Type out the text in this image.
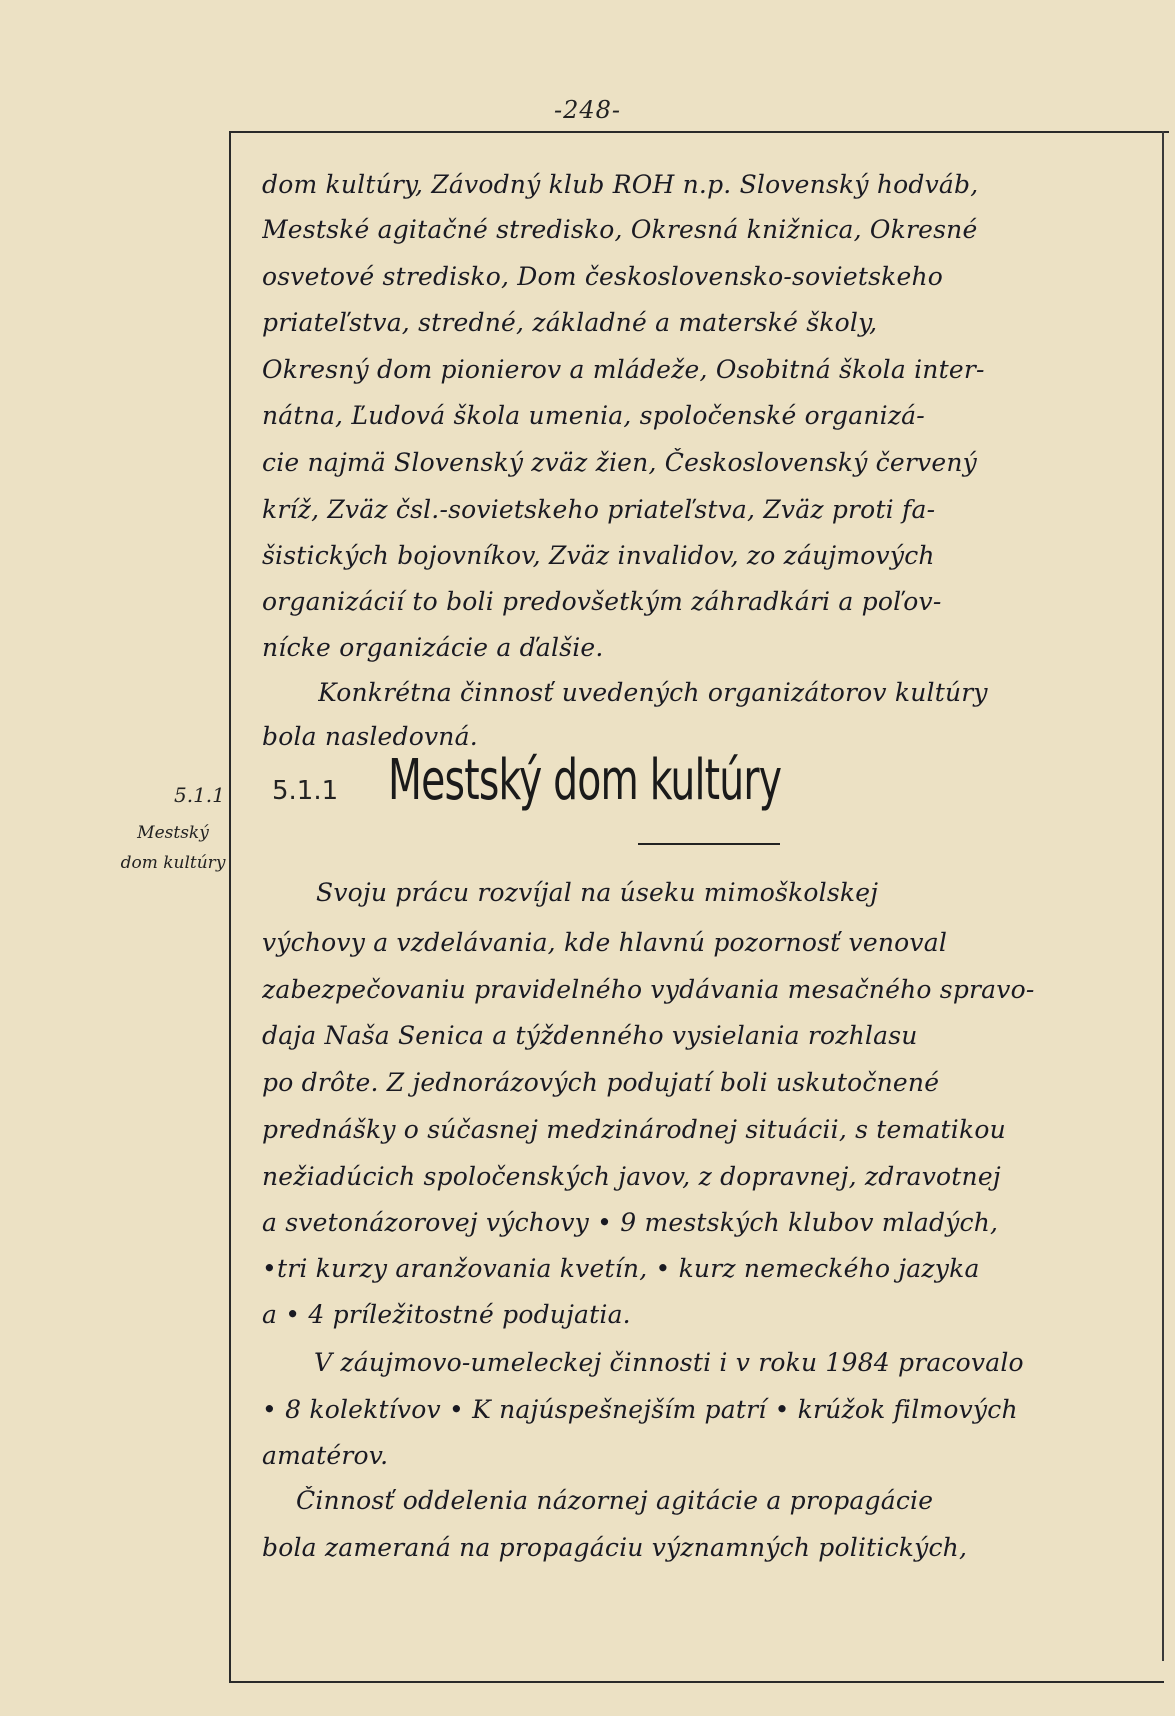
-248-
5.1.1
Mestský dom kultúry
dom kultúry, Závodný klub ROH n.p. Slovenský hodváb,
Mestské agitačné stredisko, Okresná knižnica, Okresné
osvetové stredisko, Dom československo-sovietskeho
priateľstva, stredné, základné a materské školy,
Okresný dom pionierov a mládeže, Osobitná škola inter-
nátna, Ľudová škola umenia, spoločenské organizá-
cie najmä Slovenský zväz žien, Československý červený
kríž, Zväz čsl.-sovietskeho priateľstva, Zväz proti fa-
šistických bojovníkov, Zväz invalidov, zo záujmových
organizácií to boli predovšetkým záhradkári a poľov-
nícke organizácie a ďalšie.
Konkrétna činnosť uvedených organizátorov kultúry
bola nasledovná.
5.1.1 Mestský dom kultúry
Svoju prácu rozvíjal na úseku mimoškolskej
výchovy a vzdelávania, kde hlavnú pozornosť venoval
zabezpečovaniu pravidelného vydávania mesačného spravo-
daja Naša Senica a týždenného vysielania rozhlasu
po drôte. Z jednorázových podujatí boli uskutočnené
prednášky o súčasnej medzinárodnej situácii, s tematikou
nežiadúcich spoločenských javov, z dopravnej, zdravotnej
a svetonázorovej výchovy • 9 mestských klubov mladých,
•tri kurzy aranžovania kvetín, • kurz nemeckého jazyka
a • 4 príležitostné podujatia.
V záujmovo-umeleckej činnosti i v roku 1984 pracovalo
• 8 kolektívov • K najúspešnejším patrí • krúžok filmových
amatérov.
Činnosť oddelenia názornej agitácie a propagácie
bola zameraná na propagáciu významných politických,
